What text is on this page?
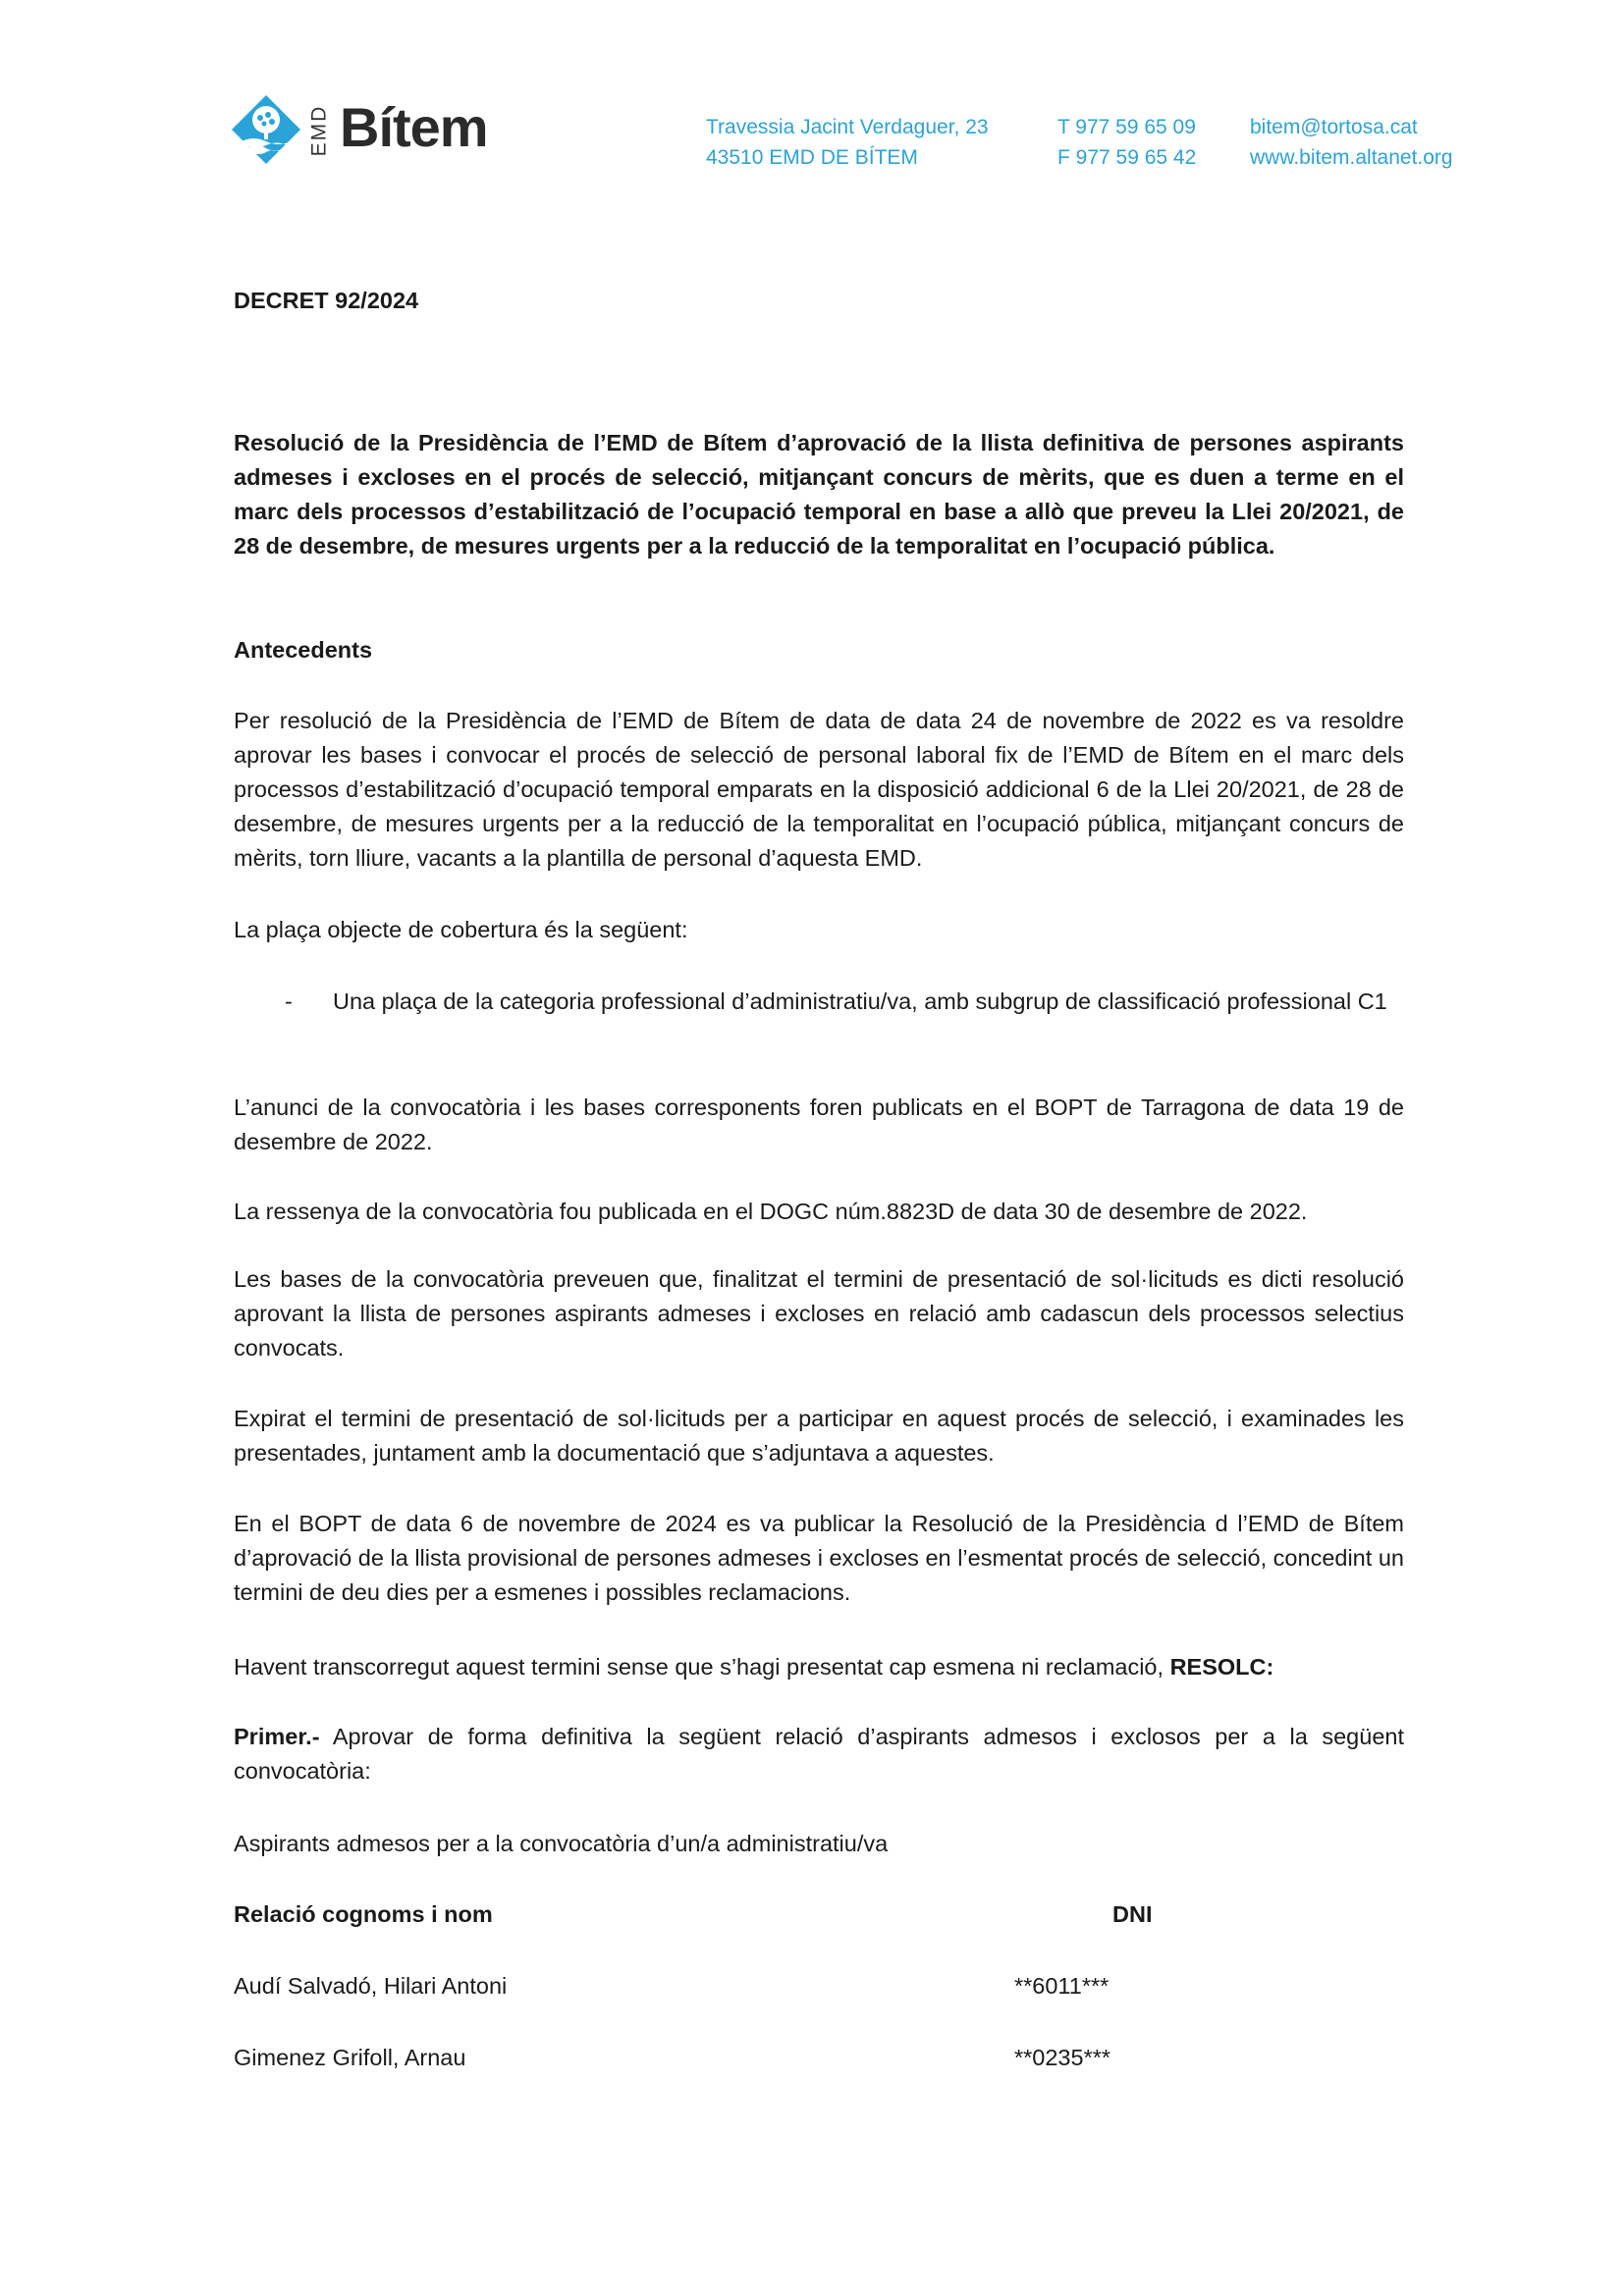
EMD Bítem	Travessia Jacint Verdaguer, 23
43510 EMD DE BÍTEM
T 977 59 65 09
F 977 59 65 42
bitem@tortosa.cat
www.bitem.altanet.org
DECRET 92/2024
Resolució de la Presidència de l’EMD de Bítem d’aprovació de la llista definitiva de persones aspirants admeses i excloses en el procés de selecció, mitjançant concurs de mèrits, que es duen a terme en el marc dels processos d’estabilització de l’ocupació temporal en base a allò que preveu la Llei 20/2021, de 28 de desembre, de mesures urgents per a la reducció de la temporalitat en l’ocupació pública.
Antecedents
Per resolució de la Presidència de l’EMD de Bítem de data de data 24 de novembre de 2022 es va resoldre aprovar les bases i convocar el procés de selecció de personal laboral fix de l’EMD de Bítem en el marc dels processos d’estabilització d’ocupació temporal emparats en la disposició addicional 6 de la Llei 20/2021, de 28 de desembre, de mesures urgents per a la reducció de la temporalitat en l’ocupació pública, mitjançant concurs de mèrits, torn lliure, vacants a la plantilla de personal d’aquesta EMD.
La plaça objecte de cobertura és la següent:
- Una plaça de la categoria professional d’administratiu/va, amb subgrup de classificació professional C1
L’anunci de la convocatòria i les bases corresponents foren publicats en el BOPT de Tarragona de data 19 de desembre de 2022.
La ressenya de la convocatòria fou publicada en el DOGC núm.8823D de data 30 de desembre de 2022.
Les bases de la convocatòria preveuen que, finalitzat el termini de presentació de sol·licituds es dicti resolució aprovant la llista de persones aspirants admeses i excloses en relació amb cadascun dels processos selectius convocats.
Expirat el termini de presentació de sol·licituds per a participar en aquest procés de selecció, i examinades les presentades, juntament amb la documentació que s’adjuntava a aquestes.
En el BOPT de data 6 de novembre de 2024 es va publicar la Resolució de la Presidència d l’EMD de Bítem d’aprovació de la llista provisional de persones admeses i excloses en l’esmentat procés de selecció, concedint un termini de deu dies per a esmenes i possibles reclamacions.
Havent transcorregut aquest termini sense que s’hagi presentat cap esmena ni reclamació, RESOLC:
Primer.- Aprovar de forma definitiva la següent relació d’aspirants admesos i exclosos per a la següent convocatòria:
Aspirants admesos per a la convocatòria d’un/a administratiu/va
Relació cognoms i nom	DNI
Audí Salvadó, Hilari Antoni	**6011***
Gimenez Grifoll, Arnau	**0235***
